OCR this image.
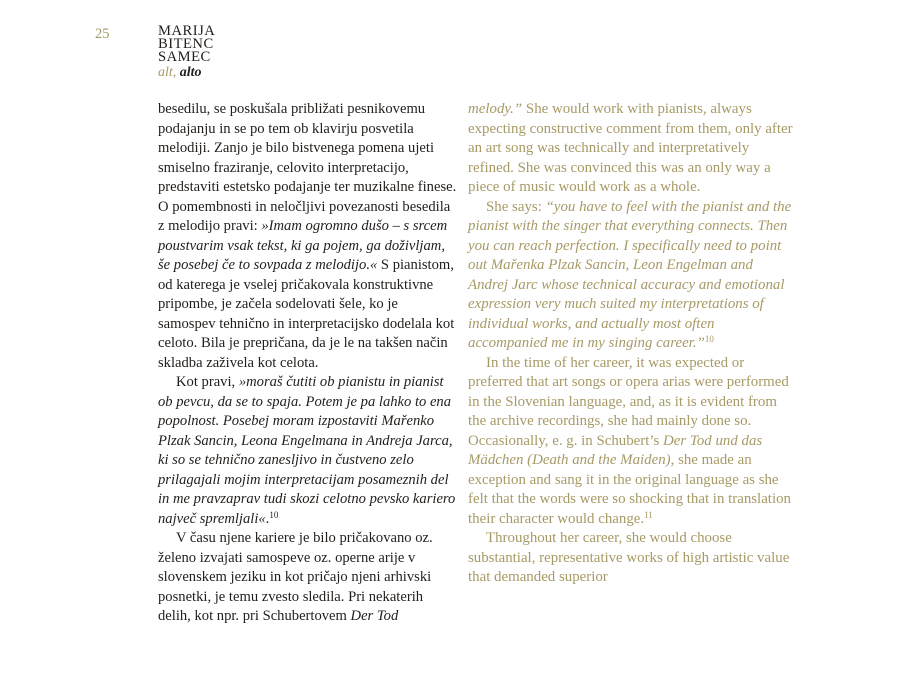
25	MARIJA
BITENC
SAMEC
alt, alto

besedilu, se poskušala približati pesnikovemu podajanju in se po tem ob klavirju posvetila melodiji. Zanjo je bilo bistvenega pomena ujeti smiselno fraziranje, celovito interpretacijo, predstaviti estetsko podajanje ter muzikalne finese. O pomembnosti in neločljivi povezanosti besedila z melodijo pravi: »Imam ogromno dušo – s srcem poustvarim vsak tekst, ki ga pojem, ga doživljam, še posebej če to sovpada z melodijo.« S pianistom, od katerega je vselej pričakovala konstruktivne pripombe, je začela sodelovati šele, ko je samospev tehnično in interpretacijsko dodelala kot celoto. Bila je prepričana, da je le na takšen način skladba zaživela kot celota.

Kot pravi, »moraš čutiti ob pianistu in pianist ob pevcu, da se to spaja. Potem je pa lahko to ena popolnost. Posebej moram izpostaviti Mařenko Plzak Sancin, Leona Engelmana in Andreja Jarca, ki so se tehnično zanesljivo in čustveno zelo prilagajali mojim interpretacijam posameznih del in me pravzaprav tudi skozi celotno pevsko kariero največ spremljali«.$^{10}$

V času njene kariere je bilo pričakovano oz. želeno izvajati samospeve oz. operne arije v slovenskem jeziku in kot pričajo njeni arhivski posnetki, je temu zvesto sledila. Pri nekaterih delih, kot npr. pri Schubertovem Der Tod

melody.” She would work with pianists, always expecting constructive comment from them, only after an art song was technically and interpretatively refined. She was convinced this was an only way a piece of music would work as a whole.

She says: “you have to feel with the pianist and the pianist with the singer that everything connects. Then you can reach perfection. I specifically need to point out Mařenka Plzak Sancin, Leon Engelman and Andrej Jarc whose technical accuracy and emotional expression very much suited my interpretations of individual works, and actually most often accompanied me in my singing career.”$^{10}$

In the time of her career, it was expected or preferred that art songs or opera arias were performed in the Slovenian language, and, as it is evident from the archive recordings, she had mainly done so. Occasionally, e. g. in Schubert’s Der Tod und das Mädchen (Death and the Maiden), she made an exception and sang it in the original language as she felt that the words were so shocking that in translation their character would change.$^{11}$

Throughout her career, she would choose substantial, representative works of high artistic value that demanded superior
